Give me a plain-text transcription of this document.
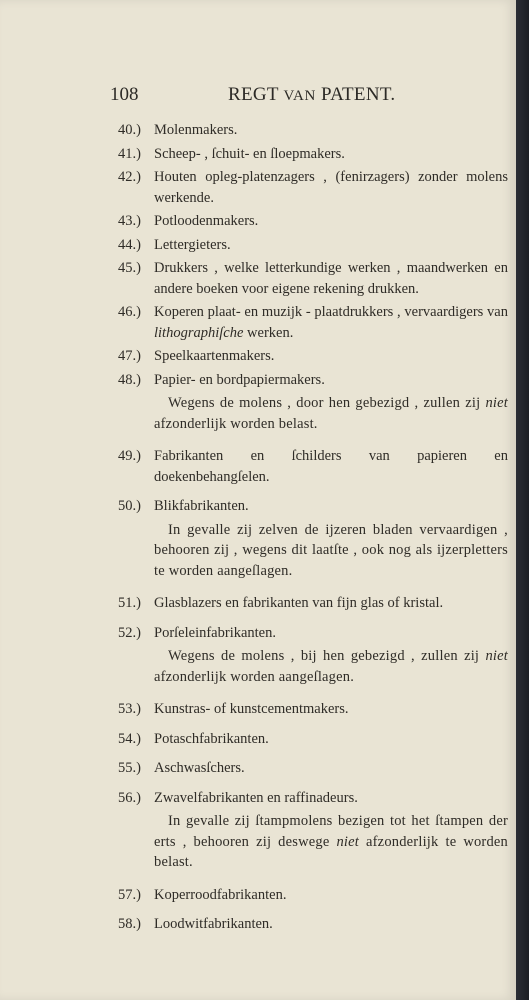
108	REGT VAN PATENT.
40.) Molenmakers.
41.) Scheep- , ſchuit- en ſloepmakers.
42.) Houten opleg-platenzagers , (fenirzagers) zonder molens werkende.
43.) Potloodenmakers.
44.) Lettergieters.
45.) Drukkers , welke letterkundige werken , maandwerken en andere boeken voor eigene rekening drukken.
46.) Koperen plaat- en muzijk - plaatdrukkers , vervaardigers van lithographiſche werken.
47.) Speelkaartenmakers.
48.) Papier- en bordpapiermakers.
Wegens de molens , door hen gebezigd , zullen zij niet afzonderlijk worden belast.
49.) Fabrikanten en ſchilders van papieren en doekenbehangſelen.
50.) Blikfabrikanten.
In gevalle zij zelven de ijzeren bladen vervaardigen , behooren zij , wegens dit laatſte , ook nog als ijzerpletters te worden aangeſlagen.
51.) Glasblazers en fabrikanten van fijn glas of kristal.
52.) Porſeleinfabrikanten.
Wegens de molens , bij hen gebezigd , zullen zij niet afzonderlijk worden aangeſlagen.
53.) Kunstras- of kunstcementmakers.
54.) Potaschfabrikanten.
55.) Aschwasſchers.
56.) Zwavelfabrikanten en raffinadeurs.
In gevalle zij ſtampmolens bezigen tot het ſtampen der erts , behooren zij deswege niet afzonderlijk te worden belast.
57.) Koperroodfabrikanten.
58.) Loodwitfabrikanten.
